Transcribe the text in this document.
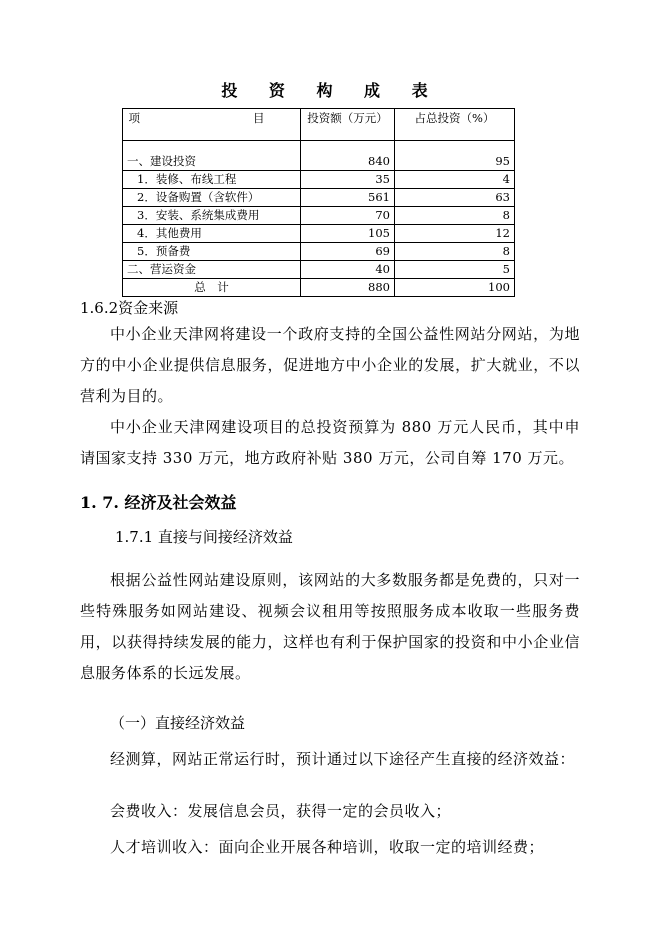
投 资 构 成 表
项　　目	投资额（万元）	占总投资（%）

一、建设投资	840	95
1．装修、布线工程	35	4
2．设备购置（含软件）	561	63
3．安装、系统集成费用	70	8
4．其他费用	105	12
5．预备费	69	8
二、营运资金	40	5
总　计	880	100

1.6.2资金来源

中小企业天津网将建设一个政府支持的全国公益性网站分网站，为地方的中小企业提供信息服务，促进地方中小企业的发展，扩大就业，不以营利为目的。

中小企业天津网建设项目的总投资预算为 880 万元人民币，其中申请国家支持 330 万元，地方政府补贴 380 万元，公司自筹 170 万元。

1. 7. 经济及社会效益

1.7.1 直接与间接经济效益

根据公益性网站建设原则，该网站的大多数服务都是免费的，只对一些特殊服务如网站建设、视频会议租用等按照服务成本收取一些服务费用，以获得持续发展的能力，这样也有利于保护国家的投资和中小企业信息服务体系的长远发展。

（一）直接经济效益

经测算，网站正常运行时，预计通过以下途径产生直接的经济效益：

会费收入：发展信息会员，获得一定的会员收入；

人才培训收入：面向企业开展各种培训，收取一定的培训经费；
